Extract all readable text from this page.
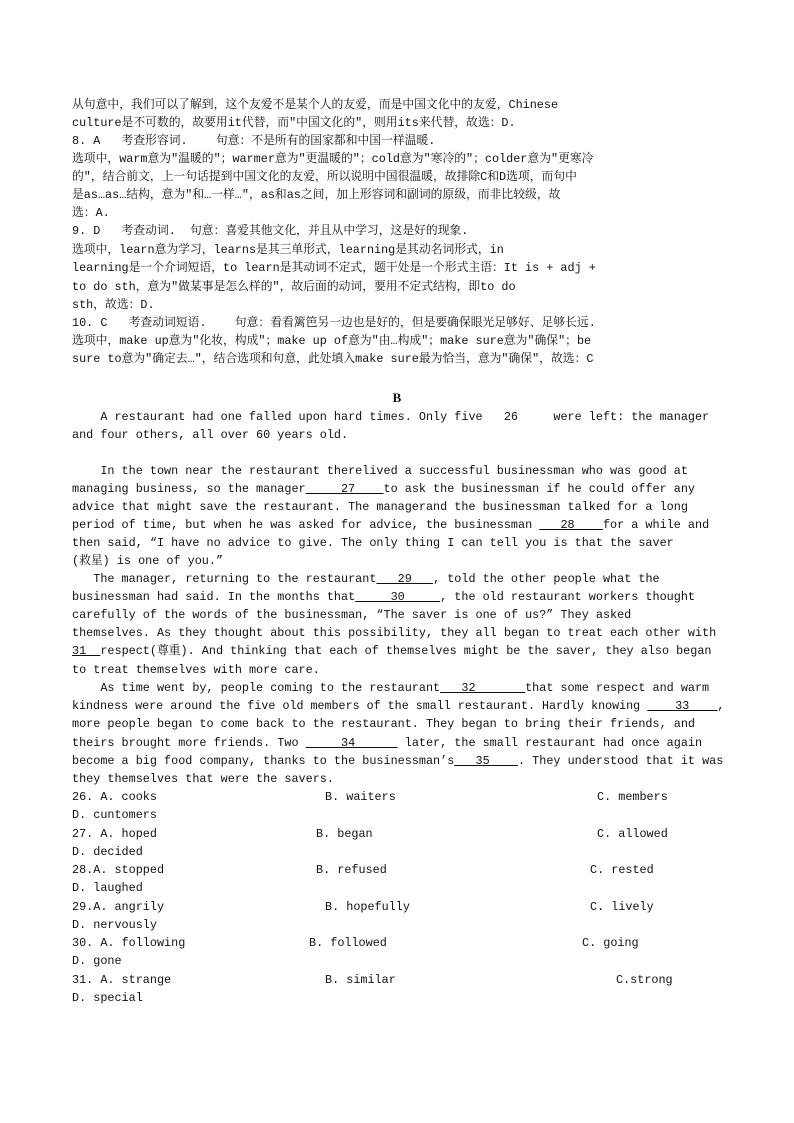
从句意中，我们可以了解到，这个友爱不是某个人的友爱，而是中国文化中的友爱，Chinese
culture是不可数的，故要用it代替，而"中国文化的"，则用its来代替，故选：D.
8. A   考查形容词.    句意：不是所有的国家都和中国一样温暖.
选项中，warm意为"温暖的"；warmer意为"更温暖的"；cold意为"寒冷的"；colder意为"更寒冷
的"，结合前文，上一句话提到中国文化的友爱，所以说明中国很温暖，故排除C和D选项，而句中
是as…as…结构，意为"和…一样…"，as和as之间，加上形容词和副词的原级，而非比较级，故
选：A.
9. D   考查动词.  句意：喜爱其他文化，并且从中学习，这是好的现象.
选项中，learn意为学习，learns是其三单形式，learning是其动名词形式，in
learning是一个介词短语，to learn是其动词不定式，题干处是一个形式主语：It is + adj +
to do sth，意为"做某事是怎么样的"，故后面的动词，要用不定式结构，即to do
sth，故选：D.
10. C   考查动词短语.    句意：看看篱笆另一边也是好的，但是要确保眼光足够好、足够长远.
选项中，make up意为"化妆，构成"；make up of意为"由…构成"；make sure意为"确保"；be
sure to意为"确定去…"，结合选项和句意，此处填入make sure最为恰当，意为"确保"，故选：C
B
A restaurant had one falled upon hard times. Only five   26     were left: the manager
and four others, all over 60 years old.
In the town near the restaurant therelived a successful businessman who was good at
managing business, so the manager     27    to ask the businessman if he could offer any
advice that might save the restaurant. The managerand the businessman talked for a long
period of time, but when he was asked for advice, the businessman    28    for a while and
then said, “I have no advice to give. The only thing I can tell you is that the saver
(救星) is one of you.”
The manager, returning to the restaurant   29   , told the other people what the
businessman had said. In the months that     30     , the old restaurant workers thought
carefully of the words of the businessman, “The saver is one of us?” They asked
themselves. As they thought about this possibility, they all began to treat each other with
31  respect(尊重). And thinking that each of themselves might be the saver, they also began
to treat themselves with more care.
As time went by, people coming to the restaurant   32       that some respect and warm
kindness were around the five old members of the small restaurant. Hardly knowing     33    ,
more people began to come back to the restaurant. They began to bring their friends, and
theirs brought more friends. Two      34       later, the small restaurant had once again
become a big food company, thanks to the businessman’s   35    . They understood that it was
they themselves that were the savers.
26. A. cooks	B. waiters	C. members
D. cuntomers
27. A. hoped	B. began	C. allowed
D. decided
28.A. stopped	B. refused	C. rested
D. laughed
29.A. angrily	B. hopefully	C. lively
D. nervously
30. A. following	B. followed	C. going
D. gone
31. A. strange	B. similar	C.strong
D. special
